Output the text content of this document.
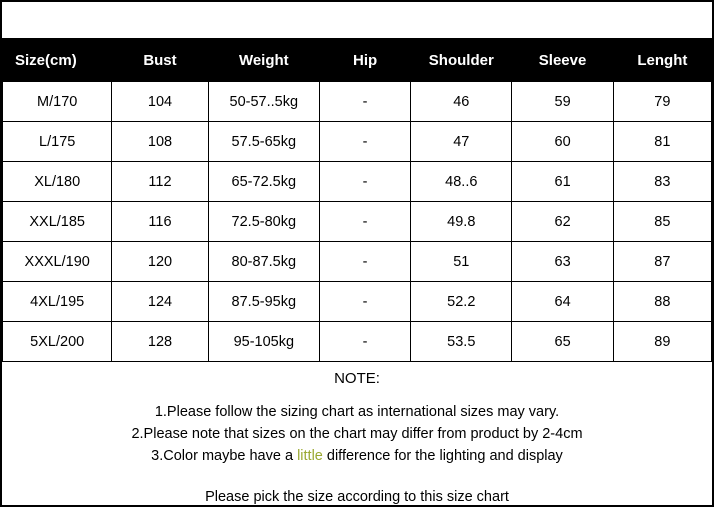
Size(cm)	Bust	Weight	Hip	Shoulder	Sleeve	Lenght
M/170	104	50-57..5kg	-	46	59	79
L/175	108	57.5-65kg	-	47	60	81
XL/180	112	65-72.5kg	-	48..6	61	83
XXL/185	116	72.5-80kg	-	49.8	62	85
XXXL/190	120	80-87.5kg	-	51	63	87
4XL/195	124	87.5-95kg	-	52.2	64	88
5XL/200	128	95-105kg	-	53.5	65	89
NOTE:
1.Please follow the sizing chart as international sizes may vary.
2.Please note that sizes on the chart may differ from product by 2-4cm
3.Color maybe have a little difference for the lighting and display
Please pick the size according to this size chart
